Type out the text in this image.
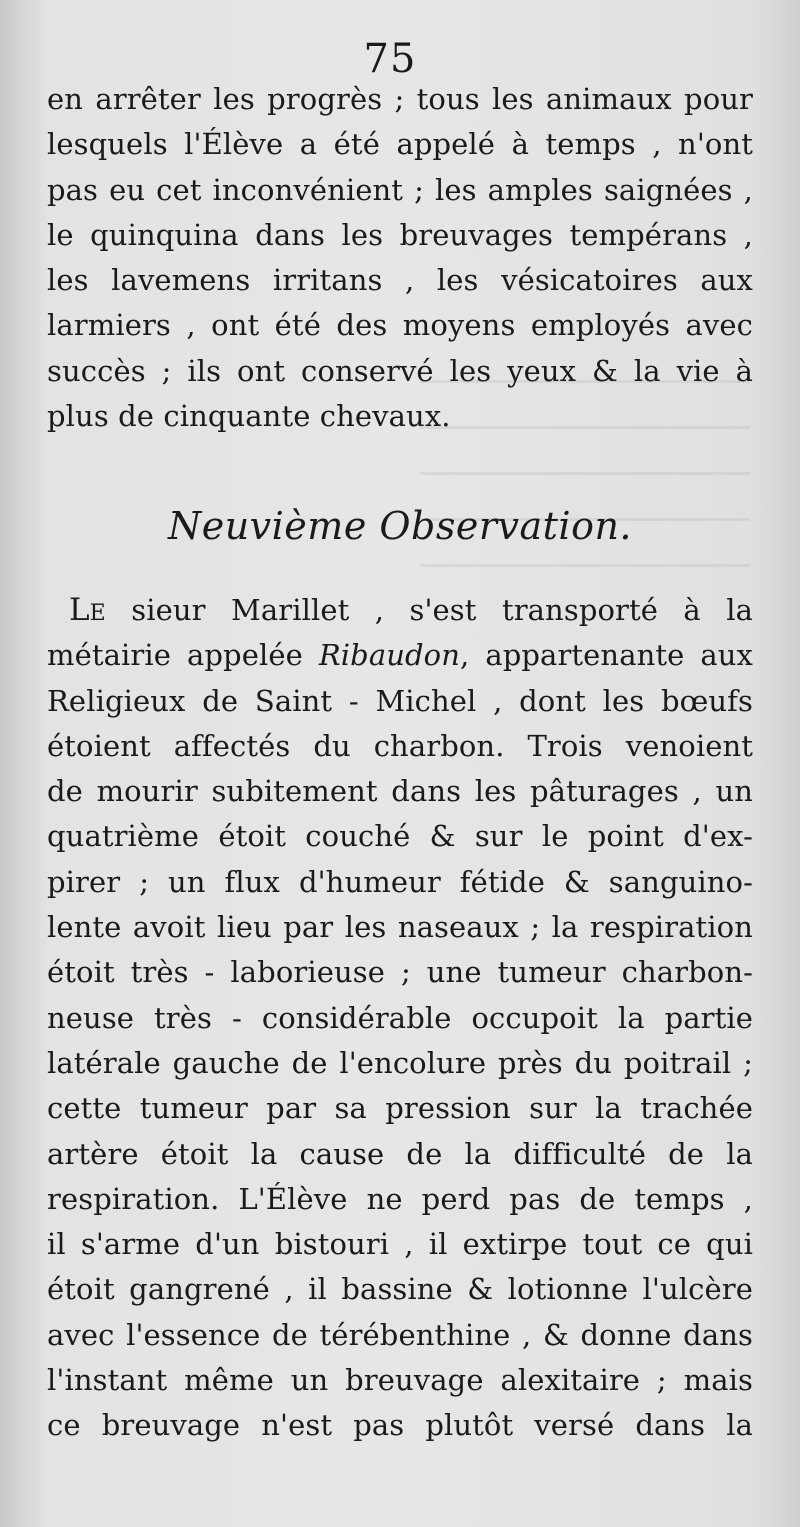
75
en arrêter les progrès ; tous les animaux pour
lesquels l'Élève a été appelé à temps , n'ont
pas eu cet inconvénient ; les amples saignées ,
le quinquina dans les breuvages tempérans ,
les lavemens irritans , les vésicatoires aux
larmiers , ont été des moyens employés avec
succès ; ils ont conservé les yeux & la vie à
plus de cinquante chevaux.
Neuvième Observation.
Le sieur Marillet , s'est transporté à la
métairie appelée Ribaudon, appartenante aux
Religieux de Saint - Michel , dont les bœufs
étoient affectés du charbon. Trois venoient
de mourir subitement dans les pâturages , un
quatrième étoit couché & sur le point d'ex-
pirer ; un flux d'humeur fétide & sanguino-
lente avoit lieu par les naseaux ; la respiration
étoit très - laborieuse ; une tumeur charbon-
neuse très - considérable occupoit la partie
latérale gauche de l'encolure près du poitrail ;
cette tumeur par sa pression sur la trachée
artère étoit la cause de la difficulté de la
respiration. L'Élève ne perd pas de temps ,
il s'arme d'un bistouri , il extirpe tout ce qui
étoit gangrené , il bassine & lotionne l'ulcère
avec l'essence de térébenthine , & donne dans
l'instant même un breuvage alexitaire ; mais
ce breuvage n'est pas plutôt versé dans la
